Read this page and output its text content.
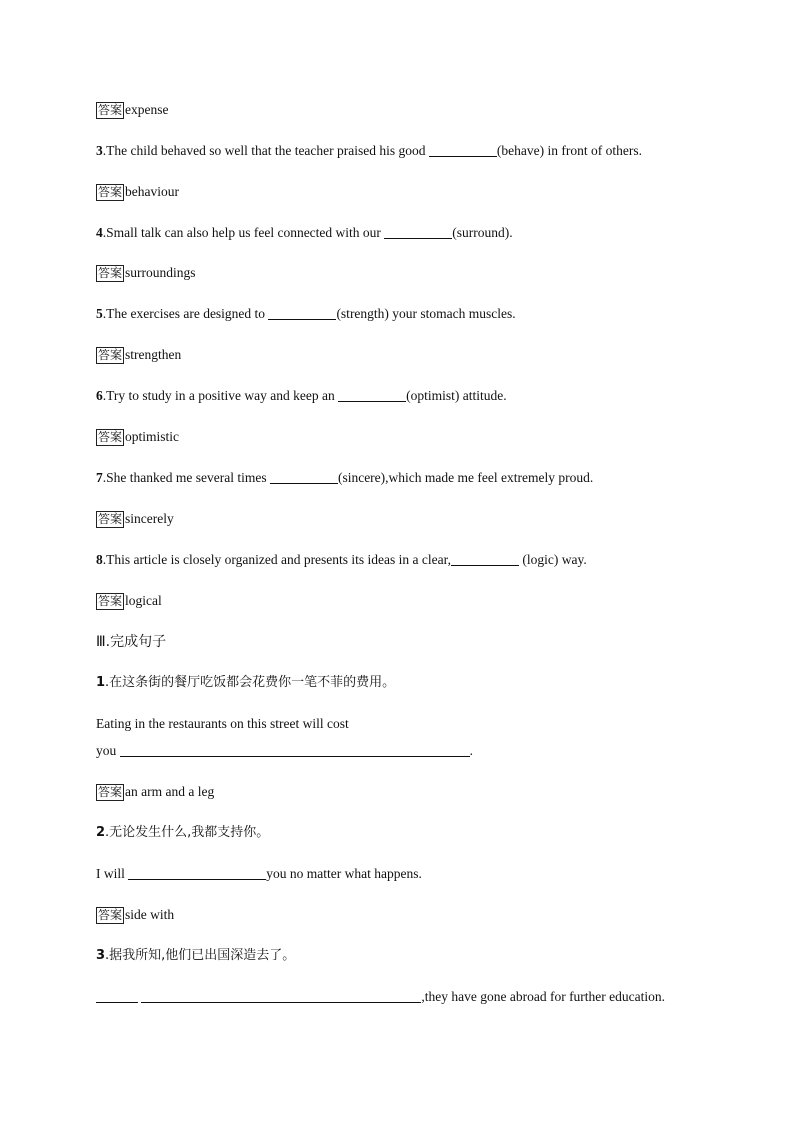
答案 expense
3.The child behaved so well that the teacher praised his good	(behave) in front of others.
答案 behaviour
4.Small talk can also help us feel connected with our	(surround).
答案 surroundings
5.The exercises are designed to	(strength) your stomach muscles.
答案 strengthen
6.Try to study in a positive way and keep an	(optimist) attitude.
答案 optimistic
7.She thanked me several times	(sincere),which made me feel extremely proud.
答案 sincerely
8.This article is closely organized and presents its ideas in a clear,	(logic) way.
答案 logical
Ⅲ.完成句子
1.在这条街的餐厅吃饭都会花费你一笔不菲的费用。
Eating in the restaurants on this street will cost
you	.
答案 an arm and a leg
2.无论发生什么,我都支持你。
I will	you no matter what happens.
答案 side with
3.据我所知,他们已出国深造去了。
,they have gone abroad for further education.
